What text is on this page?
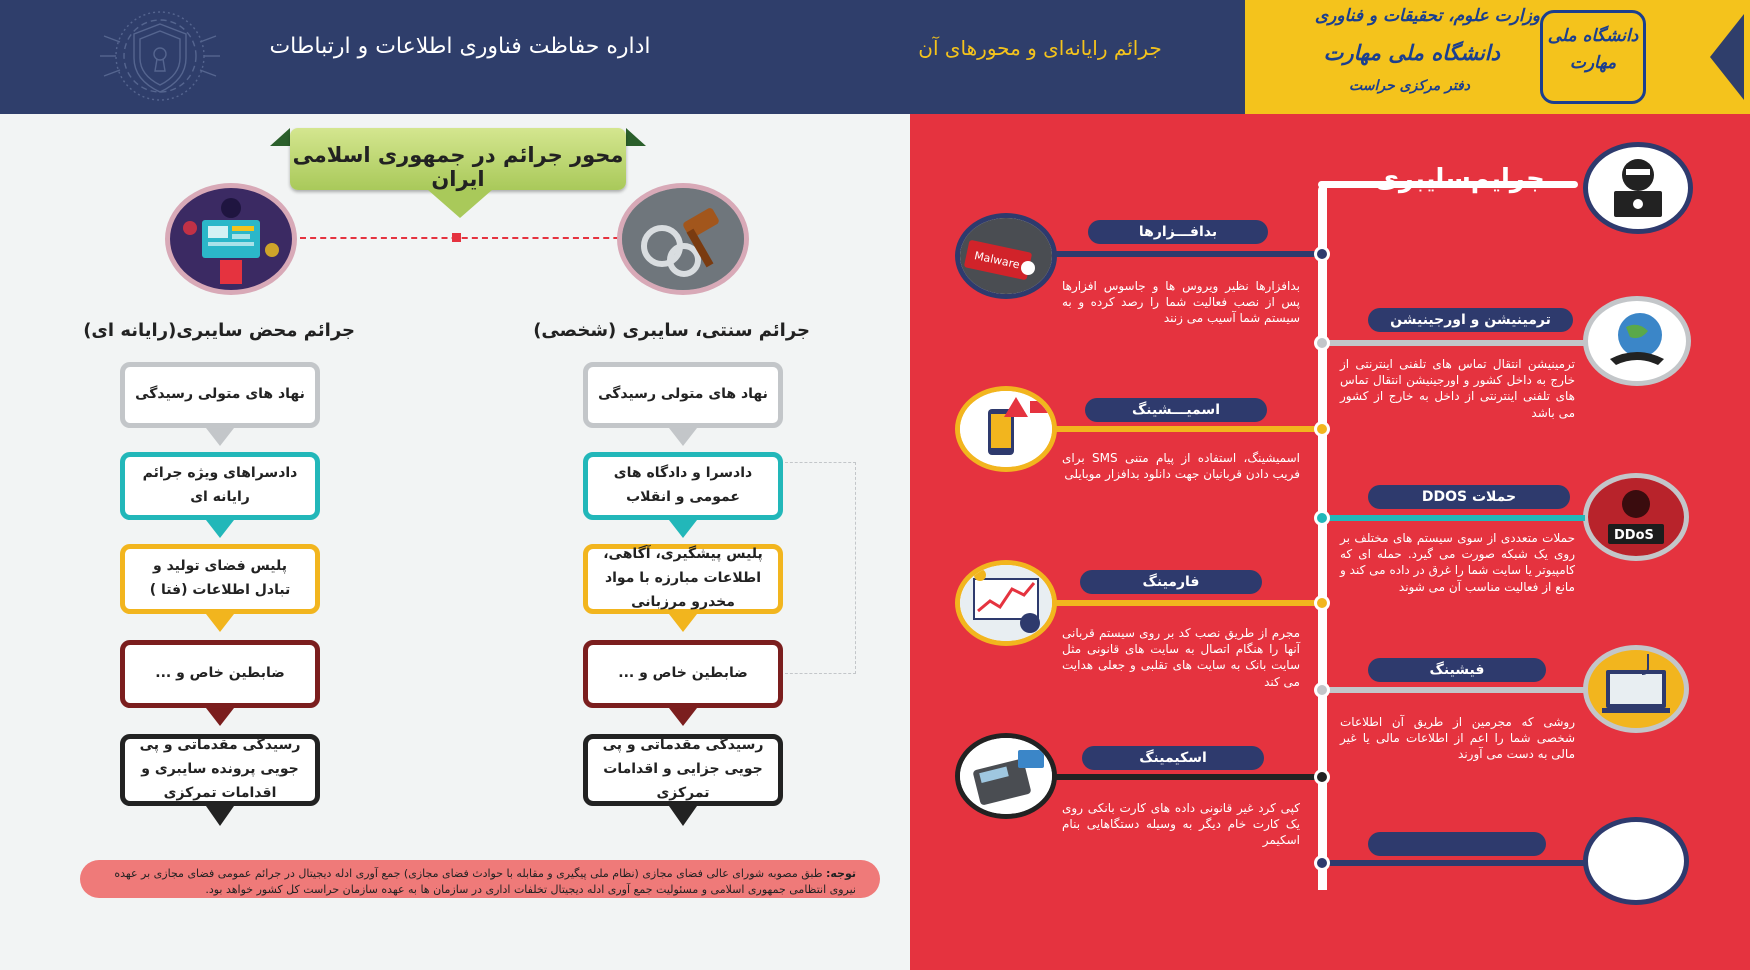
اداره حفاظت فناوری اطلاعات و ارتباطات	جرائم رایانه‌ای و محورهای آن
وزارت علوم، تحقیقات و فناوری
دانشگاه ملی مهارت
دفتر مرکزی حراست
دانشگاه ملی مهارت
محور جرائم در جمهوری اسلامی ایران
جرائم محض سایبری(رایانه ای)	جرائم سنتی، سایبری (شخصی)
نهاد های متولی رسیدگی
دادسراهای ویژه جرائم رایانه ای
پلیس فضای تولید و تبادل اطلاعات (فتا )
ضابطین خاص و ...
رسیدگی مقدماتی و پی جویی پرونده سایبری و اقدامات تمرکزی
نهاد های متولی رسیدگی
دادسرا و دادگاه های عمومی و انقلاب
پلیس پیشگیری، آگاهی، اطلاعات مبارزه با مواد مخدرو مرزبانی
ضابطین خاص و ...
رسیدگی مقدماتی و پی جویی جزایی و اقدامات تمرکزی
توجه: طبق مصوبه شورای عالی فضای مجازی (نظام ملی پیگیری و مقابله با حوادث فضای مجازی) جمع آوری ادله دیجیتال در جرائم عمومی فضای مجازی بر عهده نیروی انتظامی جمهوری اسلامی و مسئولیت جمع آوری ادله دیجیتال تخلفات اداری در سازمان ها به عهده سازمان حراست کل کشور خواهد بود.
جرایم‌سایبری
Malware
بدافـــزارها
بدافزارها نظیر ویروس ها و جاسوس افزارها پس از نصب فعالیت شما را رصد کرده و به سیستم شما آسیب می زنند	ترمینیشن و اورجینیشن
ترمینیشن انتقال تماس های تلفنی اینترنتی از خارج به داخل کشور و اورجینیشن انتقال تماس های تلفنی اینترنتی از داخل به خارج از کشور می باشد
اسمیـــشینگ
اسمیشینگ، استفاده از پیام متنی SMS برای فریب دادن قربانیان جهت دانلود بدافزار موبایلی
DDoS
حملات DDOS
حملات متعددی از سوی سیستم های مختلف بر روی یک شبکه صورت می گیرد. حمله ای که کامپیوتر یا سایت شما را غرق در داده می کند و مانع از فعالیت مناسب آن می شوند
فارمینگ
مجرم از طریق نصب کد بر روی سیستم قربانی آنها را هنگام اتصال به سایت های قانونی مثل سایت بانک به سایت های تقلبی و جعلی هدایت می کند
فیشینگ
روشی که مجرمین از طریق آن اطلاعات شخصی شما را اعم از اطلاعات مالی یا غیر مالی به دست می آورند
اسکیمینگ
کپی کرد غیر قانونی داده های کارت بانکی روی یک کارت خام دیگر به وسیله دستگاهایی بنام اسکیمر
